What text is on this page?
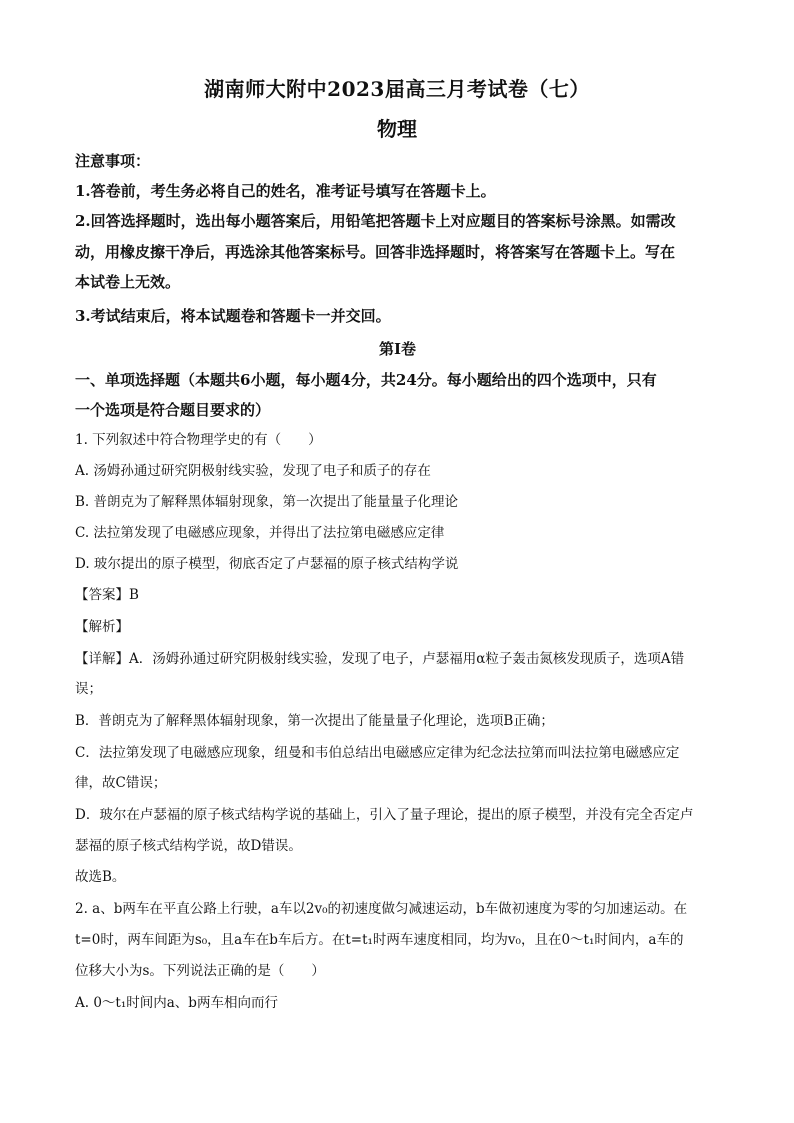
湖南师大附中2023届高三月考试卷（七）
物理
注意事项：
1.答卷前，考生务必将自己的姓名，准考证号填写在答题卡上。
2.回答选择题时，选出每小题答案后，用铅笔把答题卡上对应题目的答案标号涂黑。如需改
动，用橡皮擦干净后，再选涂其他答案标号。回答非选择题时，将答案写在答题卡上。写在
本试卷上无效。
3.考试结束后，将本试题卷和答题卡一并交回。
第I卷
一、单项选择题（本题共6小题，每小题4分，共24分。每小题给出的四个选项中，只有
一个选项是符合题目要求的）
1. 下列叙述中符合物理学史的有（　　）
A. 汤姆孙通过研究阴极射线实验，发现了电子和质子的存在
B. 普朗克为了解释黑体辐射现象，第一次提出了能量量子化理论
C. 法拉第发现了电磁感应现象，并得出了法拉第电磁感应定律
D. 玻尔提出的原子模型，彻底否定了卢瑟福的原子核式结构学说
【答案】B
【解析】
【详解】A．汤姆孙通过研究阴极射线实验，发现了电子，卢瑟福用α粒子轰击氮核发现质子，选项A错
误；
B．普朗克为了解释黑体辐射现象，第一次提出了能量量子化理论，选项B正确；
C．法拉第发现了电磁感应现象，纽曼和韦伯总结出电磁感应定律为纪念法拉第而叫法拉第电磁感应定
律，故C错误；
D．玻尔在卢瑟福的原子核式结构学说的基础上，引入了量子理论，提出的原子模型，并没有完全否定卢
瑟福的原子核式结构学说，故D错误。
故选B。
2. a、b两车在平直公路上行驶，a车以2v₀的初速度做匀减速运动，b车做初速度为零的匀加速运动。在
t=0时，两车间距为s₀，且a车在b车后方。在t=t₁时两车速度相同，均为v₀，且在0～t₁时间内，a车的
位移大小为s。下列说法正确的是（　　）
A. 0～t₁时间内a、b两车相向而行
